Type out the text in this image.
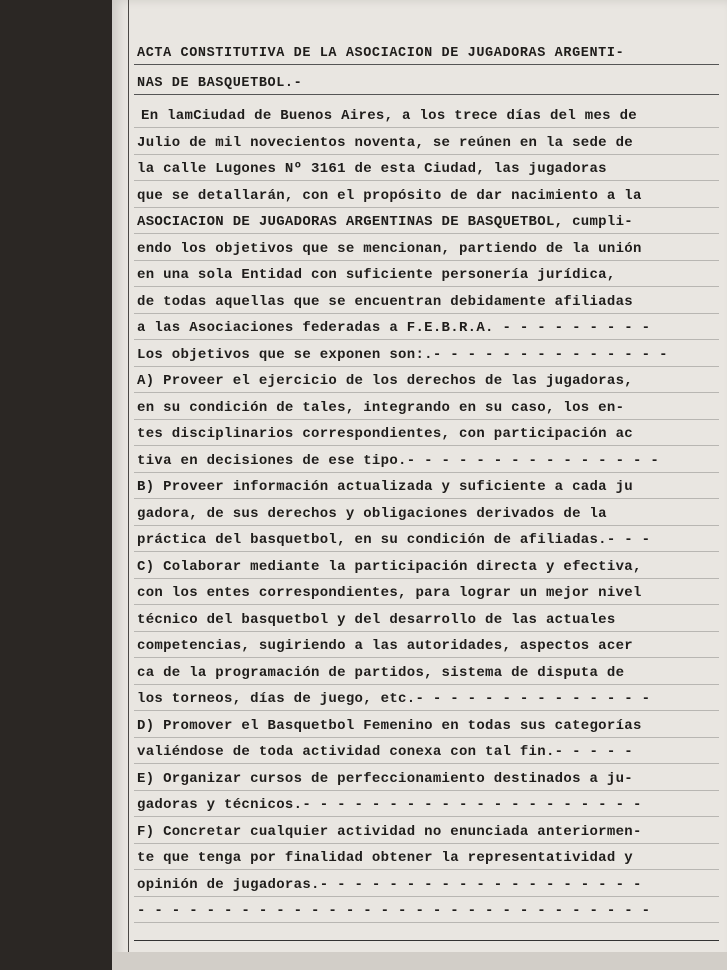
ACTA CONSTITUTIVA DE LA ASOCIACION DE JUGADORAS ARGENTI-
NAS DE BASQUETBOL.-
En lamCiudad de Buenos Aires, a los trece días del mes de
Julio de mil novecientos noventa, se reúnen en la sede de
la calle Lugones Nº 3161 de esta Ciudad, las jugadoras
que se detallarán, con el propósito de dar nacimiento a la
ASOCIACION DE JUGADORAS ARGENTINAS DE BASQUETBOL, cumpli-
endo los objetivos que se mencionan, partiendo de la unión
en una sola Entidad con suficiente personería jurídica,
de todas aquellas que se encuentran debidamente afiliadas
a las Asociaciones federadas a F.E.B.R.A. - - - - - - - - -
Los objetivos que se exponen son:.- - - - - - - - - - - - - -
A) Proveer el ejercicio de los derechos de las jugadoras,
en su condición de tales, integrando en su caso, los en-
tes disciplinarios correspondientes, con participación ac
tiva en decisiones de ese tipo.- - - - - - - - - - - - - - -
B) Proveer información actualizada y suficiente a cada ju
gadora, de sus derechos y obligaciones derivados de la
práctica del basquetbol, en su condición de afiliadas.- - -
C) Colaborar mediante la participación directa y efectiva,
con los entes correspondientes, para lograr un mejor nivel
técnico del basquetbol y del desarrollo de las actuales
competencias, sugiriendo a las autoridades, aspectos acer
ca de la programación de partidos, sistema de disputa de
los torneos, días de juego, etc.- - - - - - - - - - - - - -
D) Promover el Basquetbol Femenino en todas sus categorías
valiéndose de toda actividad conexa con tal fin.- - - - -
E) Organizar cursos de perfeccionamiento destinados a ju-
gadoras y técnicos.- - - - - - - - - - - - - - - - - - - -
F) Concretar cualquier actividad no enunciada anteriormen-
te que tenga por finalidad obtener la representatividad y
opinión de jugadoras.- - - - - - - - - - - - - - - - - - -
- - - - - - - - - - - - - - - - - - - - - - - - - - - - - -
